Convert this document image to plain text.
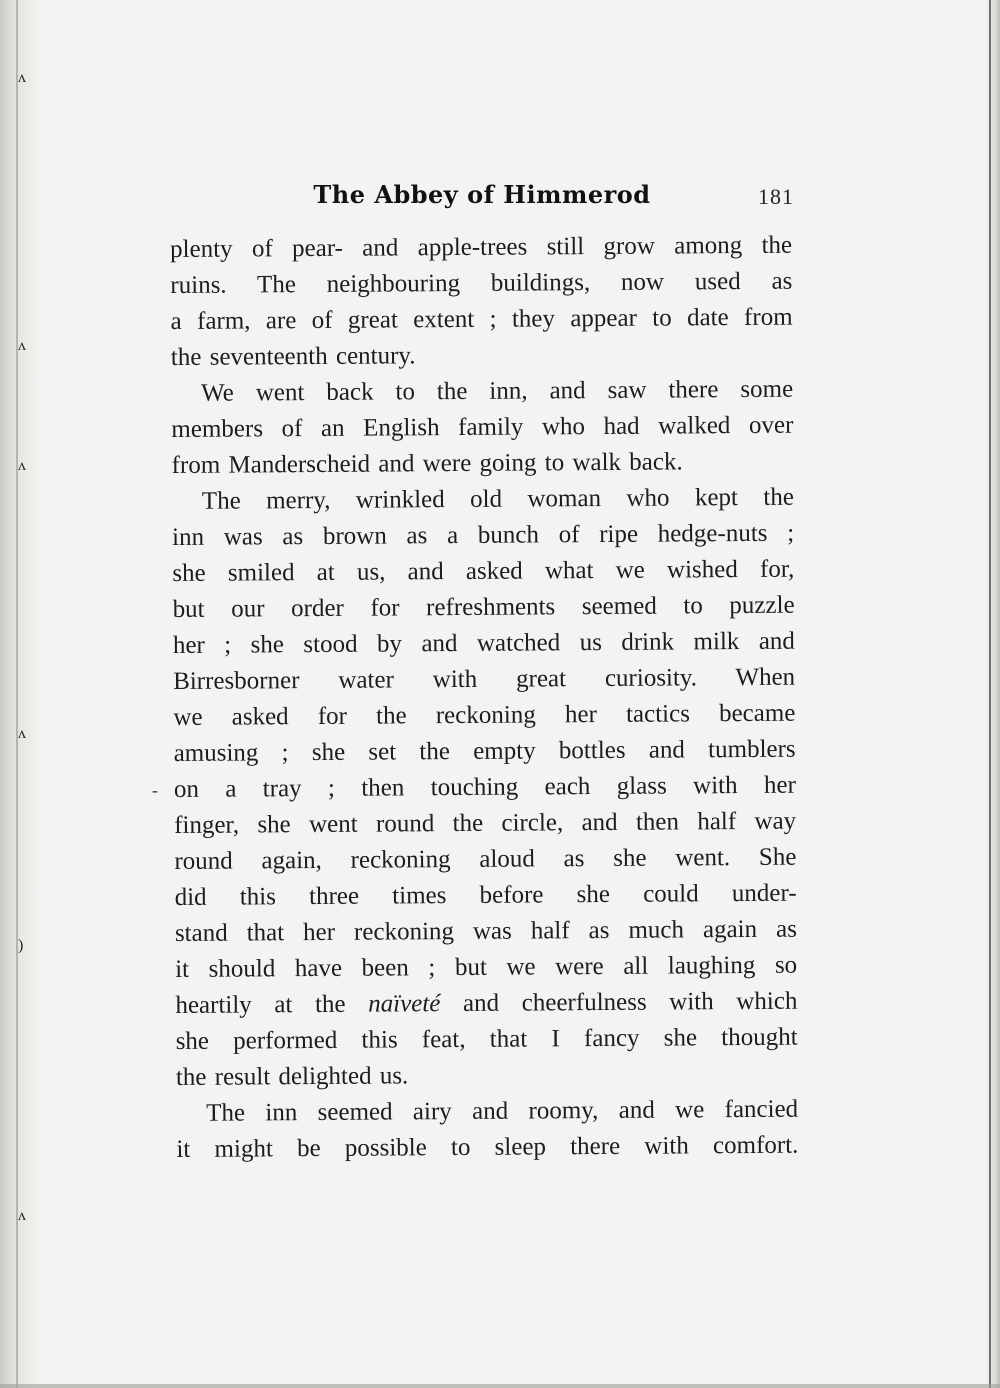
ʌ
ʌ
ʌ
ʌ
)
ʌ
-
The Abbey of Himmerod	181
plenty of pear- and apple-trees still grow among the
ruins. The neighbouring buildings, now used as
a farm, are of great extent ; they appear to date from
the seventeenth century.
We went back to the inn, and saw there some
members of an English family who had walked over
from Manderscheid and were going to walk back.
The merry, wrinkled old woman who kept the
inn was as brown as a bunch of ripe hedge-nuts ;
she smiled at us, and asked what we wished for,
but our order for refreshments seemed to puzzle
her ; she stood by and watched us drink milk and
Birresborner water with great curiosity. When
we asked for the reckoning her tactics became
amusing ; she set the empty bottles and tumblers
on a tray ; then touching each glass with her
finger, she went round the circle, and then half way
round again, reckoning aloud as she went. She
did this three times before she could under-
stand that her reckoning was half as much again as
it should have been ; but we were all laughing so
heartily at the naïveté and cheerfulness with which
she performed this feat, that I fancy she thought
the result delighted us.
The inn seemed airy and roomy, and we fancied
it might be possible to sleep there with comfort.
